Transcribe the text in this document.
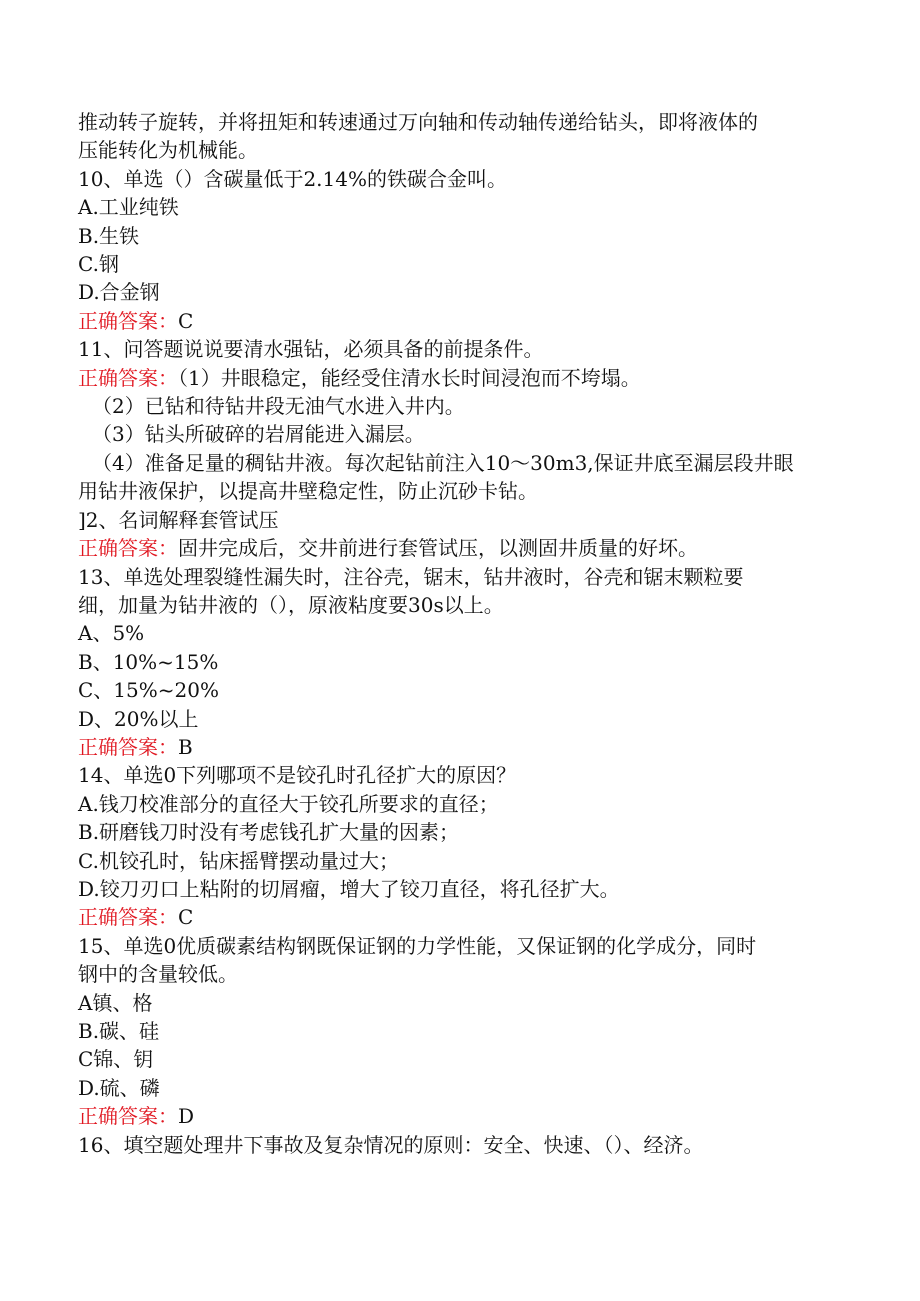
推动转子旋转，并将扭矩和转速通过万向轴和传动轴传递给钻头，即将液体的

压能转化为机械能。

10、单选（）含碳量低于2.14%的铁碳合金叫。

A.工业纯铁

B.生铁

C.钢

D.合金钢

正确答案：C

11、问答题说说要清水强钻，必须具备的前提条件。

正确答案：（1）井眼稳定，能经受住清水长时间浸泡而不垮塌。

（2）已钻和待钻井段无油气水进入井内。

（3）钻头所破碎的岩屑能进入漏层。

（4）准备足量的稠钻井液。每次起钻前注入10～30m3,保证井底至漏层段井眼

用钻井液保护，以提高井壁稳定性，防止沉砂卡钻。

]2、名词解释套管试压

正确答案：固井完成后，交井前进行套管试压，以测固井质量的好坏。

13、单选处理裂缝性漏失时，注谷壳，锯末，钻井液时，谷壳和锯末颗粒要

细，加量为钻井液的（），原液粘度要30s以上。

A、5%

B、10%~15%

C、15%~20%

D、20%以上

正确答案：B

14、单选0下列哪项不是铰孔时孔径扩大的原因？

A.钱刀校准部分的直径大于铰孔所要求的直径；

B.研磨钱刀时没有考虑钱孔扩大量的因素；

C.机铰孔时，钻床摇臂摆动量过大；

D.铰刀刃口上粘附的切屑瘤，增大了铰刀直径，将孔径扩大。

正确答案：C

15、单选0优质碳素结构钢既保证钢的力学性能，又保证钢的化学成分，同时

钢中的含量较低。

A镇、格

B.碳、硅

C锦、钥

D.硫、磷

正确答案：D

16、填空题处理井下事故及复杂情况的原则：安全、快速、（）、经济。
